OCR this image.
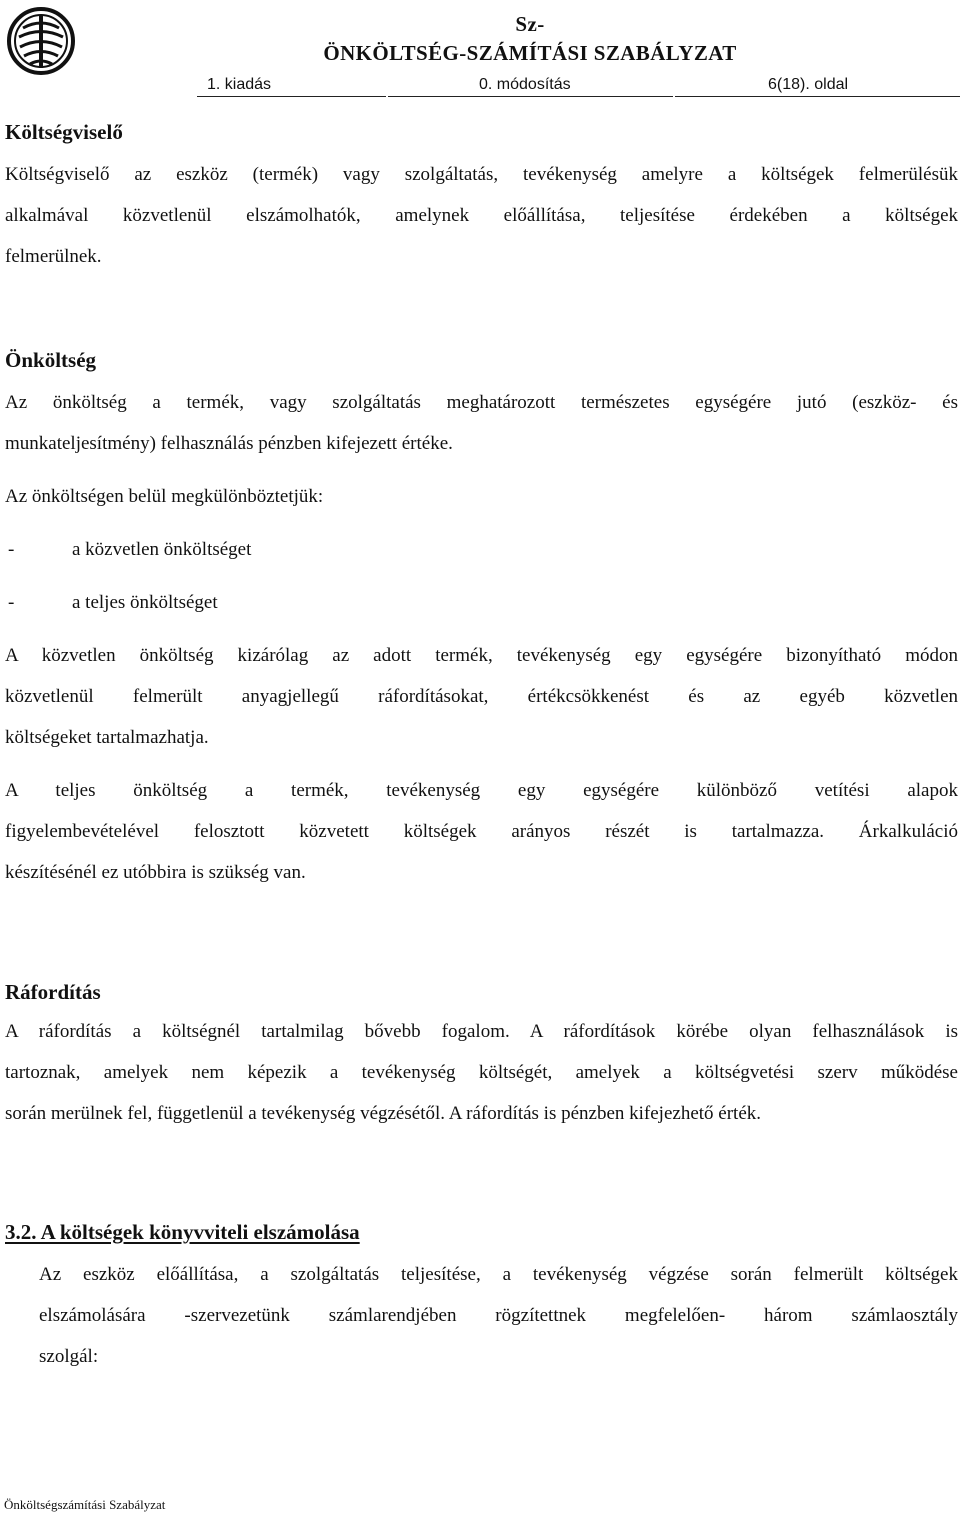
Sz-
ÖNKÖLTSÉG-SZÁMÍTÁSI SZABÁLYZAT
1. kiadás	0. módosítás	6(18). oldal
Költségviselő
Költségviselő az eszköz (termék) vagy szolgáltatás, tevékenység amelyre a költségek felmerülésük
alkalmával közvetlenül elszámolhatók, amelynek előállítása, teljesítése érdekében a költségek
felmerülnek.
Önköltség
Az önköltség a termék, vagy szolgáltatás meghatározott természetes egységére jutó (eszköz- és
munkateljesítmény) felhasználás pénzben kifejezett értéke.
Az önköltségen belül megkülönböztetjük:
-	a közvetlen önköltséget
-	a teljes önköltséget
A közvetlen önköltség kizárólag az adott termék, tevékenység egy egységére bizonyítható módon
közvetlenül felmerült anyagjellegű ráfordításokat, értékcsökkenést és az egyéb közvetlen
költségeket tartalmazhatja.
A teljes önköltség a termék, tevékenység egy egységére különböző vetítési alapok
figyelembevételével felosztott közvetett költségek arányos részét is tartalmazza. Árkalkuláció
készítésénél ez utóbbira is szükség van.
Ráfordítás
A ráfordítás a költségnél tartalmilag bővebb fogalom. A ráfordítások körébe olyan felhasználások is
tartoznak, amelyek nem képezik a tevékenység költségét, amelyek a költségvetési szerv működése
során merülnek fel, függetlenül a tevékenység végzésétől. A ráfordítás is pénzben kifejezhető érték.
3.2. A költségek könyvviteli elszámolása
Az eszköz előállítása, a szolgáltatás teljesítése, a tevékenység végzése során felmerült költségek
elszámolására -szervezetünk számlarendjében rögzítettnek megfelelően- három számlaosztály
szolgál:
Önköltségszámítási Szabályzat
